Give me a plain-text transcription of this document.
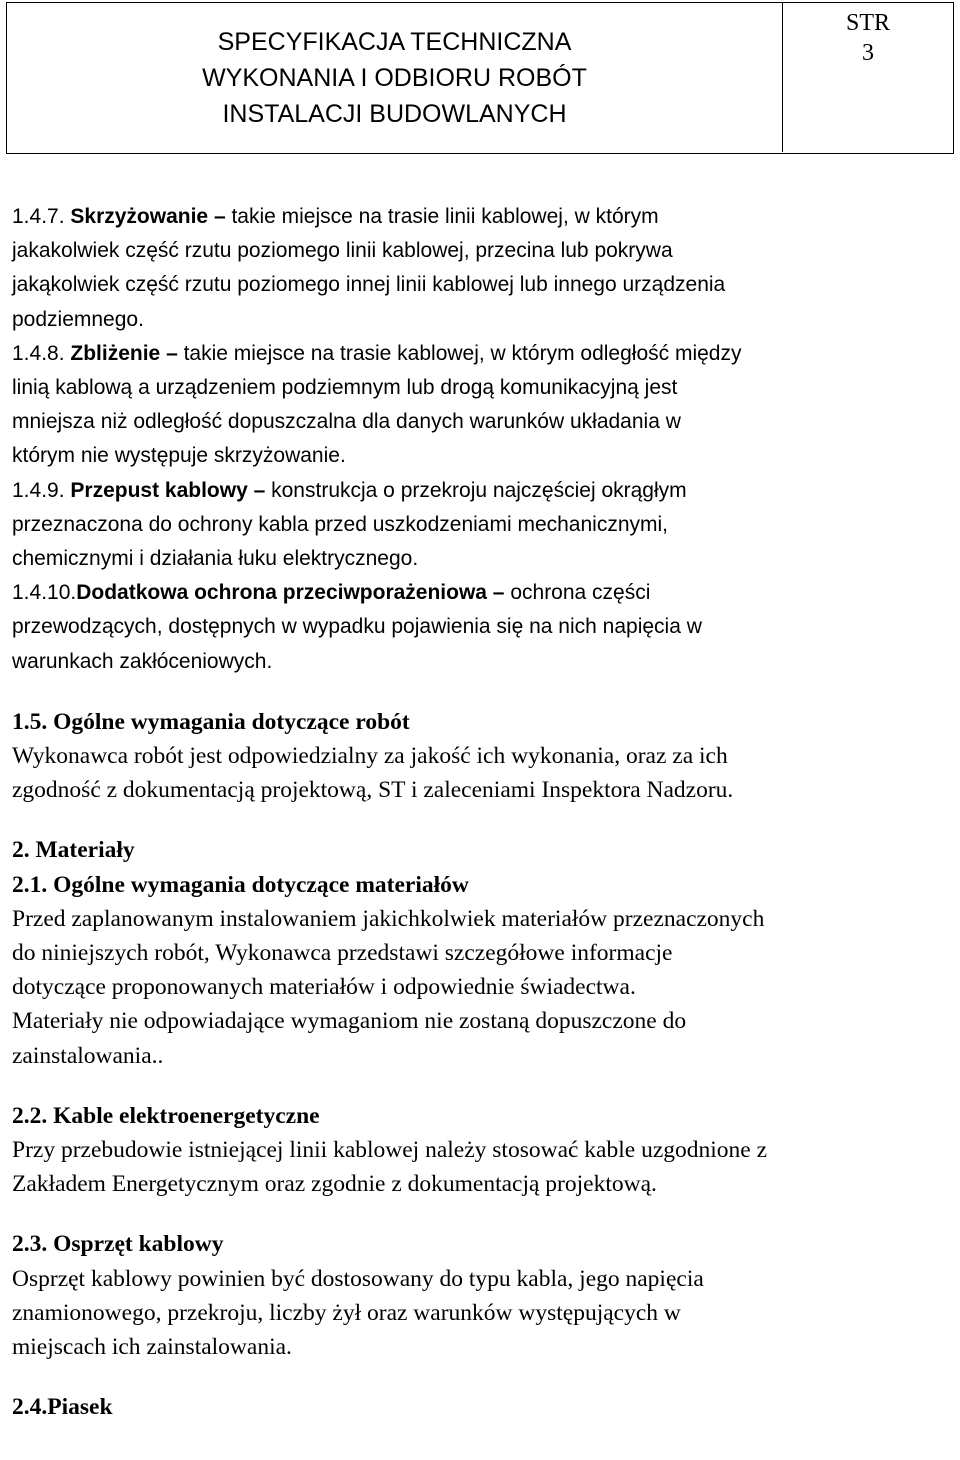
SPECYFIKACJA TECHNICZNA
WYKONANIA I ODBIORU ROBÓT
INSTALACJI BUDOWLANYCH
STR
3
1.4.7. Skrzyżowanie – takie miejsce na trasie linii kablowej, w którym
jakakolwiek część rzutu poziomego linii kablowej, przecina lub pokrywa
jakąkolwiek część rzutu poziomego innej linii kablowej lub innego urządzenia
podziemnego.
1.4.8. Zbliżenie – takie miejsce na trasie kablowej, w którym odległość między
linią kablową a urządzeniem podziemnym lub drogą komunikacyjną jest
mniejsza niż odległość dopuszczalna dla danych warunków układania w
którym nie występuje skrzyżowanie.
1.4.9. Przepust kablowy – konstrukcja o przekroju najczęściej okrągłym
przeznaczona do ochrony kabla przed uszkodzeniami mechanicznymi,
chemicznymi i działania łuku elektrycznego.
1.4.10.Dodatkowa ochrona przeciwporażeniowa – ochrona części
przewodzących, dostępnych w wypadku pojawienia się na nich napięcia w
warunkach zakłóceniowych.
1.5. Ogólne wymagania dotyczące robót
Wykonawca robót jest odpowiedzialny za jakość ich wykonania, oraz za ich
zgodność z dokumentacją projektową, ST i zaleceniami Inspektora Nadzoru.
2. Materiały
2.1. Ogólne wymagania dotyczące materiałów
Przed zaplanowanym instalowaniem jakichkolwiek materiałów przeznaczonych
do niniejszych robót, Wykonawca przedstawi szczegółowe informacje
dotyczące proponowanych materiałów i odpowiednie świadectwa.
Materiały nie odpowiadające wymaganiom nie zostaną dopuszczone do
zainstalowania..
2.2. Kable elektroenergetyczne
Przy przebudowie istniejącej linii kablowej należy stosować kable uzgodnione z
Zakładem Energetycznym oraz zgodnie z dokumentacją projektową.
2.3. Osprzęt kablowy
Osprzęt kablowy powinien być dostosowany do typu kabla, jego napięcia
znamionowego, przekroju, liczby żył oraz warunków występujących w
miejscach ich zainstalowania.
2.4.Piasek
